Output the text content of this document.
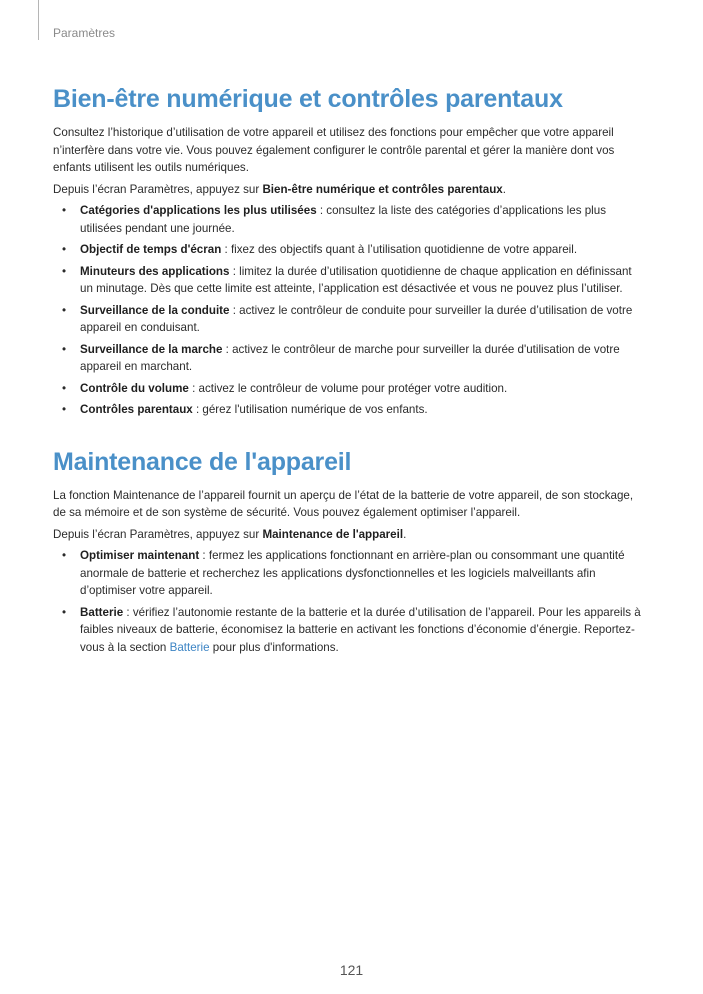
Paramètres
Bien-être numérique et contrôles parentaux

Consultez l’historique d’utilisation de votre appareil et utilisez des fonctions pour empêcher que votre appareil n’interfère dans votre vie. Vous pouvez également configurer le contrôle parental et gérer la manière dont vos enfants utilisent les outils numériques.

Depuis l’écran Paramètres, appuyez sur Bien-être numérique et contrôles parentaux.

• Catégories d'applications les plus utilisées : consultez la liste des catégories d’applications les plus utilisées pendant une journée.
• Objectif de temps d'écran : fixez des objectifs quant à l’utilisation quotidienne de votre appareil.
• Minuteurs des applications : limitez la durée d’utilisation quotidienne de chaque application en définissant un minutage. Dès que cette limite est atteinte, l’application est désactivée et vous ne pouvez plus l’utiliser.
• Surveillance de la conduite : activez le contrôleur de conduite pour surveiller la durée d’utilisation de votre appareil en conduisant.
• Surveillance de la marche : activez le contrôleur de marche pour surveiller la durée d'utilisation de votre appareil en marchant.
• Contrôle du volume : activez le contrôleur de volume pour protéger votre audition.
• Contrôles parentaux : gérez l'utilisation numérique de vos enfants.
Maintenance de l'appareil

La fonction Maintenance de l’appareil fournit un aperçu de l’état de la batterie de votre appareil, de son stockage, de sa mémoire et de son système de sécurité. Vous pouvez également optimiser l’appareil.

Depuis l’écran Paramètres, appuyez sur Maintenance de l'appareil.

• Optimiser maintenant : fermez les applications fonctionnant en arrière-plan ou consommant une quantité anormale de batterie et recherchez les applications dysfonctionnelles et les logiciels malveillants afin d’optimiser votre appareil.
• Batterie : vérifiez l’autonomie restante de la batterie et la durée d’utilisation de l’appareil. Pour les appareils à faibles niveaux de batterie, économisez la batterie en activant les fonctions d’économie d’énergie. Reportez-vous à la section Batterie pour plus d'informations.
121
